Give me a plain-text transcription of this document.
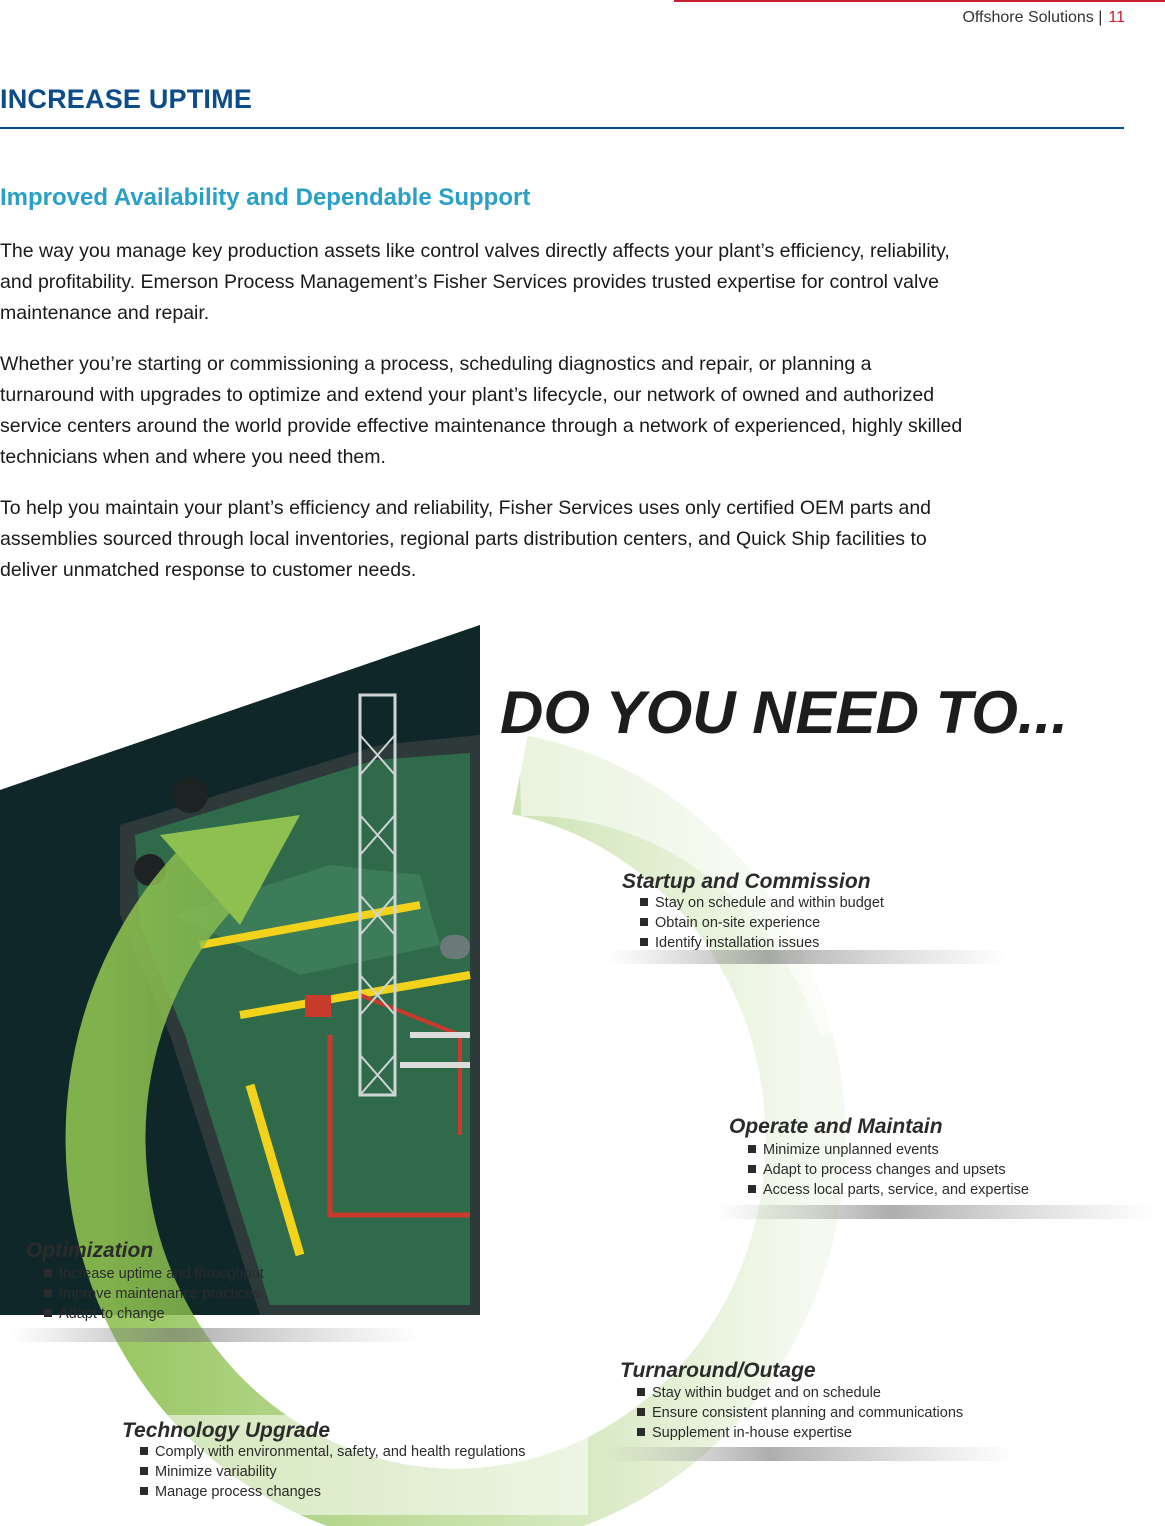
Offshore Solutions | 11
INCREASE UPTIME
Improved Availability and Dependable Support

The way you manage key production assets like control valves directly affects your plant’s efficiency, reliability, and profitability. Emerson Process Management’s Fisher Services provides trusted expertise for control valve maintenance and repair.

Whether you’re starting or commissioning a process, scheduling diagnostics and repair, or planning a turnaround with upgrades to optimize and extend your plant’s lifecycle, our network of owned and authorized service centers around the world provide effective maintenance through a network of experienced, highly skilled technicians when and where you need them.

To help you maintain your plant’s efficiency and reliability, Fisher Services uses only certified OEM parts and assemblies sourced through local inventories, regional parts distribution centers, and Quick Ship facilities to deliver unmatched response to customer needs.

DO YOU NEED TO...
Startup and Commission
Stay on schedule and within budget
Obtain on-site experience
Identify installation issues
Operate and Maintain
Minimize unplanned events
Adapt to process changes and upsets
Access local parts, service, and expertise
Optimization
Increase uptime and throughput
Improve maintenance practices
Adapt to change
Turnaround/Outage
Stay within budget and on schedule
Ensure consistent planning and communications
Supplement in-house expertise
Technology Upgrade
Comply with environmental, safety, and health regulations
Minimize variability
Manage process changes
